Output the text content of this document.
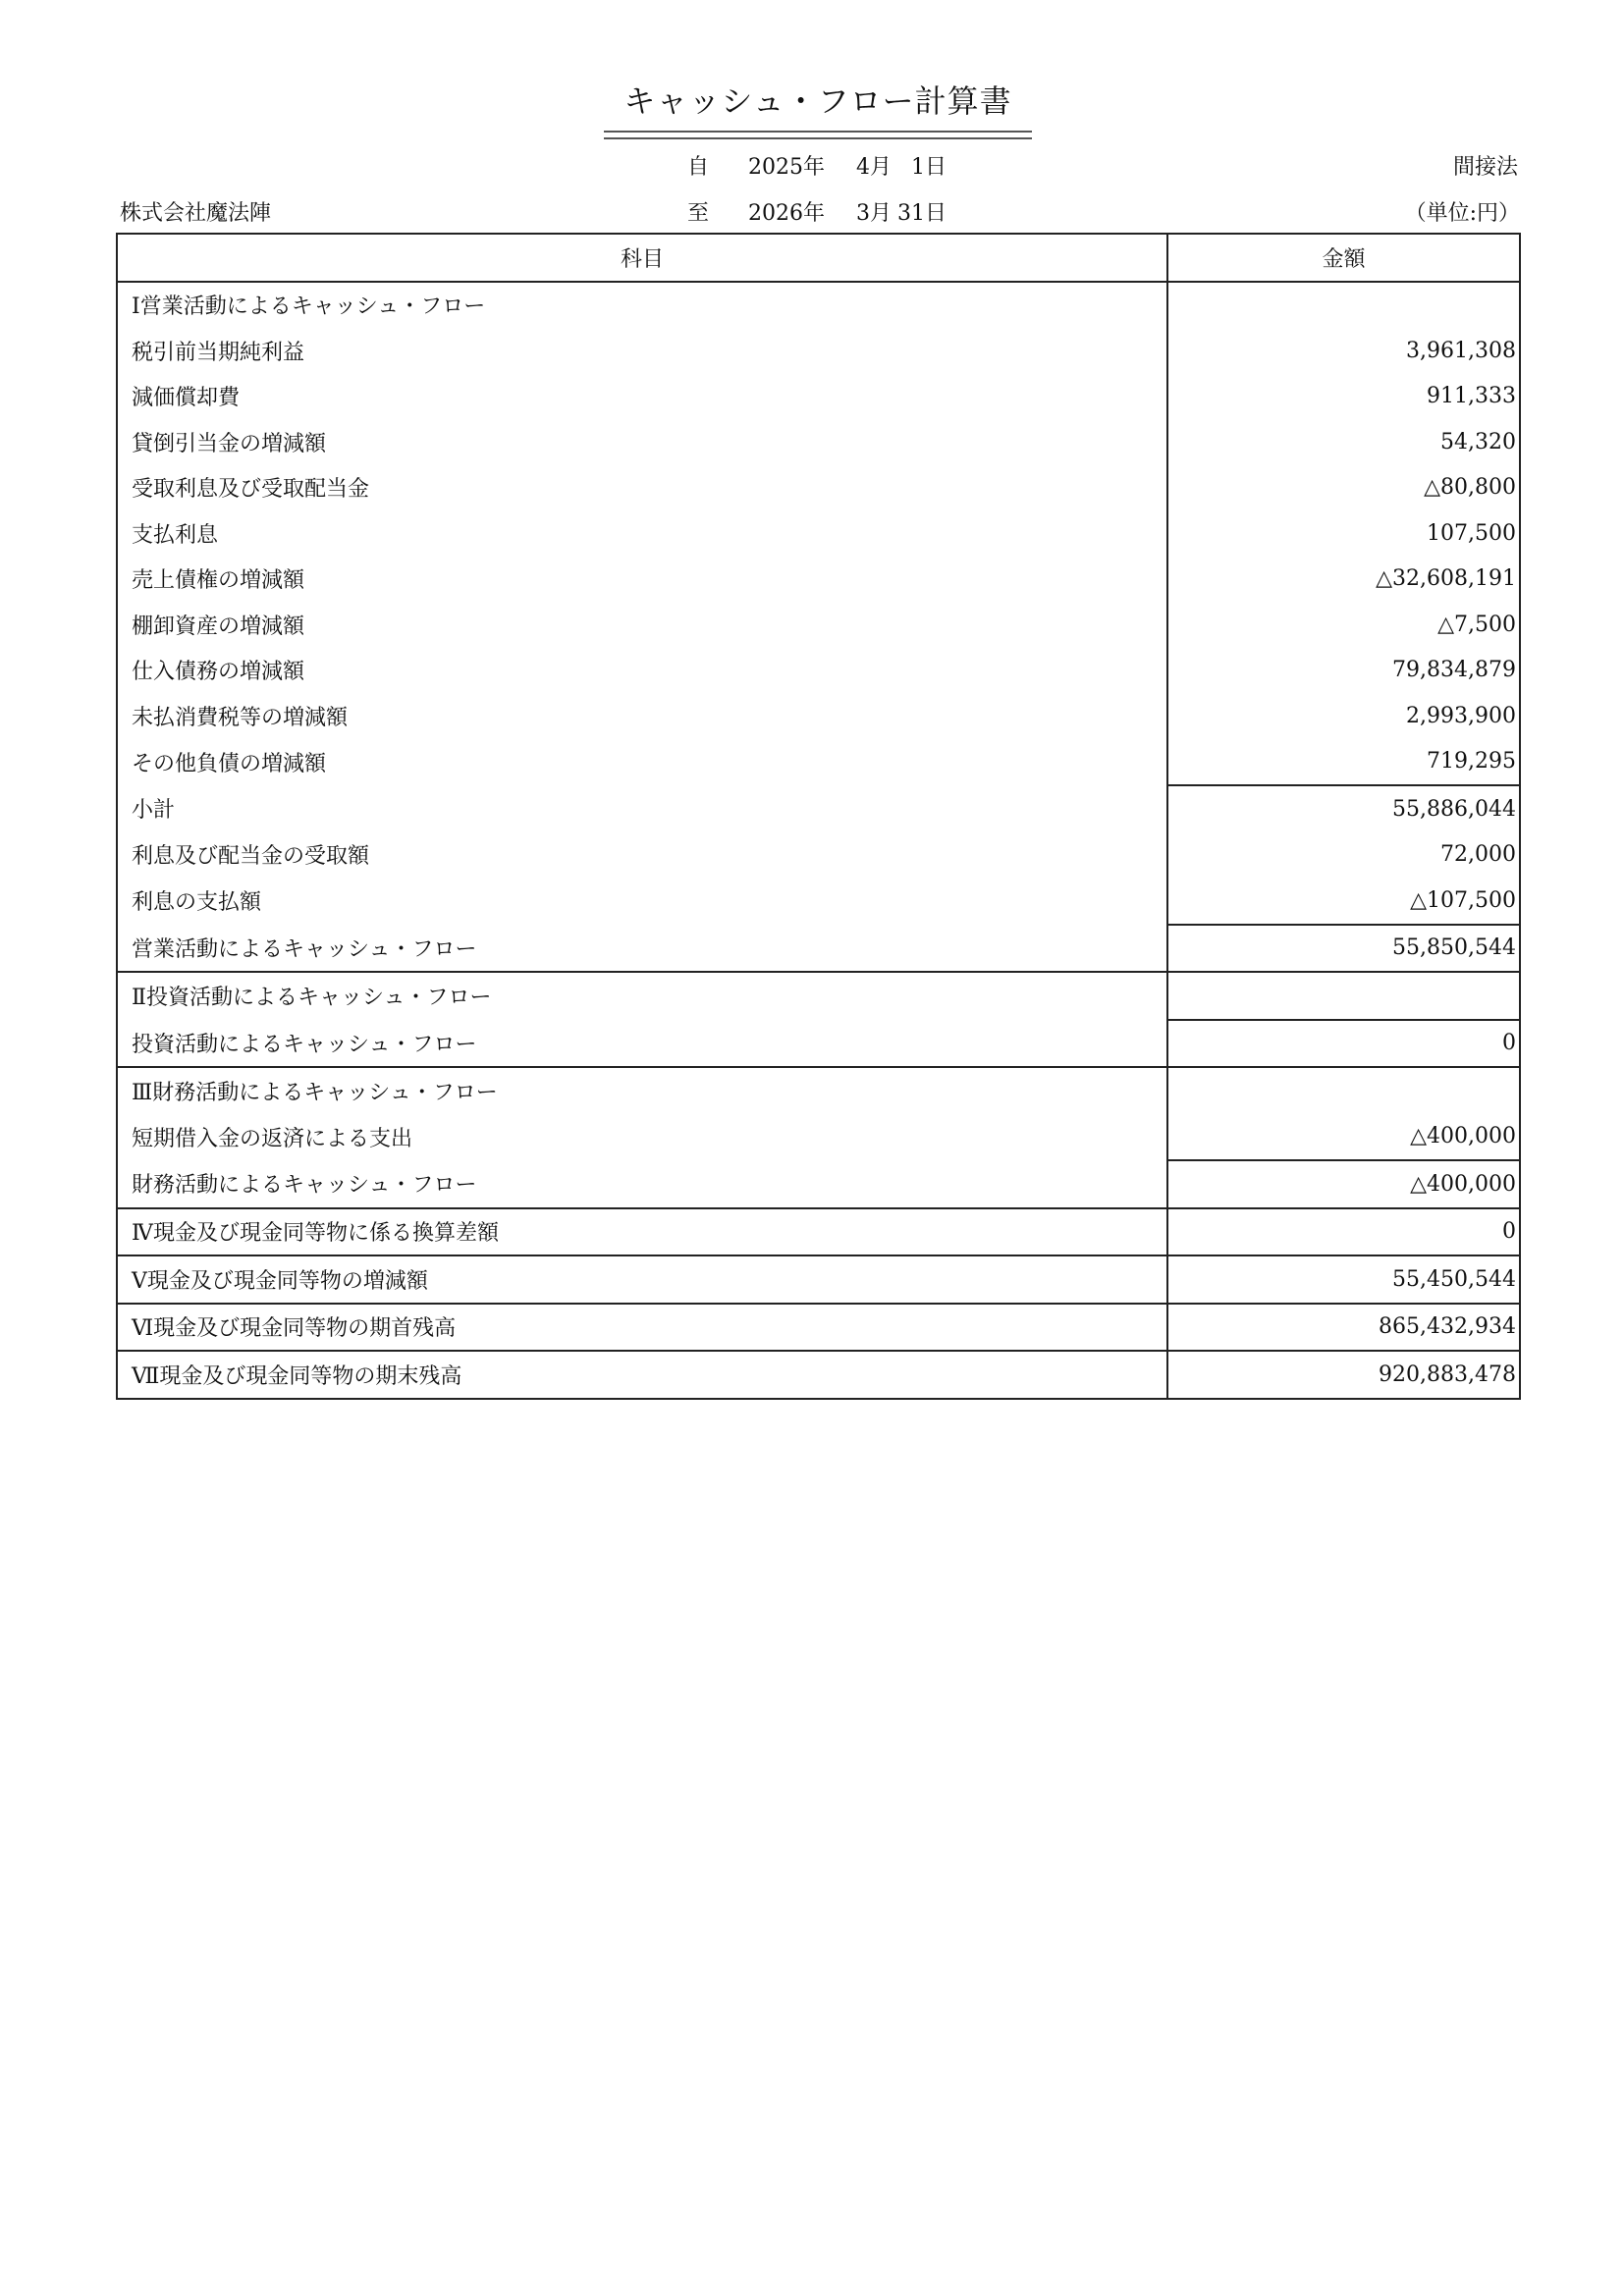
キャッシュ・フロー計算書
自 2025年 4月 1日
至 2026年 3月 31日
株式会社魔法陣
間接法
（単位:円）
科目	金額
Ⅰ営業活動によるキャッシュ・フロー	
税引前当期純利益	3,961,308
減価償却費	911,333
貸倒引当金の増減額	54,320
受取利息及び受取配当金	△80,800
支払利息	107,500
売上債権の増減額	△32,608,191
棚卸資産の増減額	△7,500
仕入債務の増減額	79,834,879
未払消費税等の増減額	2,993,900
その他負債の増減額	719,295
小計	55,886,044
利息及び配当金の受取額	72,000
利息の支払額	△107,500
営業活動によるキャッシュ・フロー	55,850,544
Ⅱ投資活動によるキャッシュ・フロー	
投資活動によるキャッシュ・フロー	0
Ⅲ財務活動によるキャッシュ・フロー	
短期借入金の返済による支出	△400,000
財務活動によるキャッシュ・フロー	△400,000
Ⅳ現金及び現金同等物に係る換算差額	0
Ⅴ現金及び現金同等物の増減額	55,450,544
Ⅵ現金及び現金同等物の期首残高	865,432,934
Ⅶ現金及び現金同等物の期末残高	920,883,478
